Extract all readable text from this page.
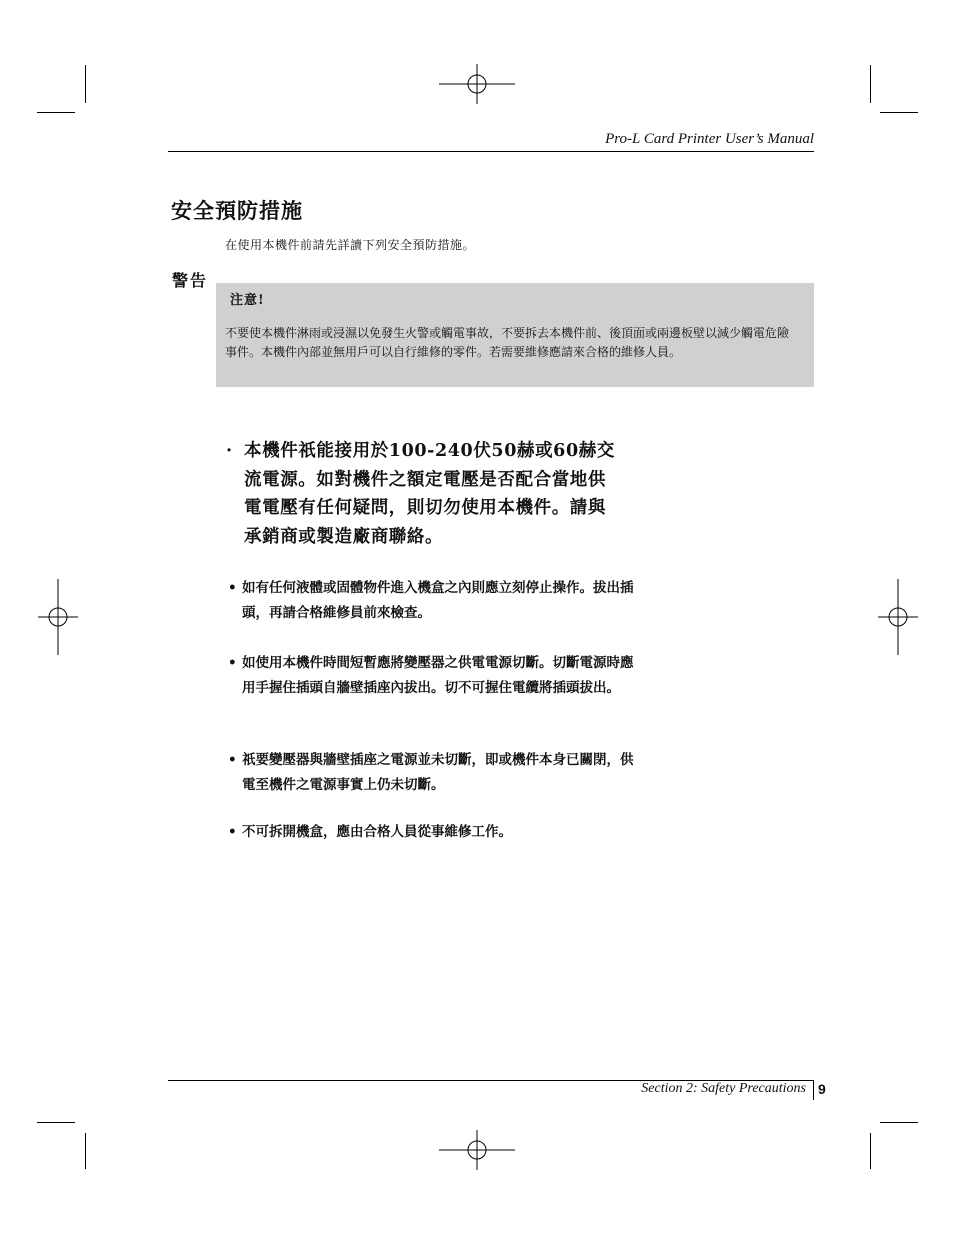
Pro-L Card Printer User’s Manual
安全預防措施
在使用本機件前請先詳讀下列安全預防措施。
警告
注意!
不要使本機件淋雨或浸濕以免發生火警或觸電事故，不要拆去本機件前、後頂面或兩邊板壁以減少觸電危險事件。本機件內部並無用戶可以自行維修的零件。若需要維修應請來合格的維修人員。
· 本機件祇能接用於100-240伏50赫或60赫交流電源。如對機件之額定電壓是否配合當地供電電壓有任何疑問，則切勿使用本機件。請與承銷商或製造廠商聯絡。
• 如有任何液體或固體物件進入機盒之內則應立刻停止操作。拔出插頭，再請合格維修員前來檢查。
• 如使用本機件時間短暫應將變壓器之供電電源切斷。切斷電源時應用手握住插頭自牆壁插座內拔出。切不可握住電纜將插頭拔出。
• 祇要變壓器與牆壁插座之電源並未切斷，即或機件本身已關閉，供電至機件之電源事實上仍未切斷。
• 不可拆開機盒，應由合格人員從事維修工作。
Section 2: Safety Precautions 9
